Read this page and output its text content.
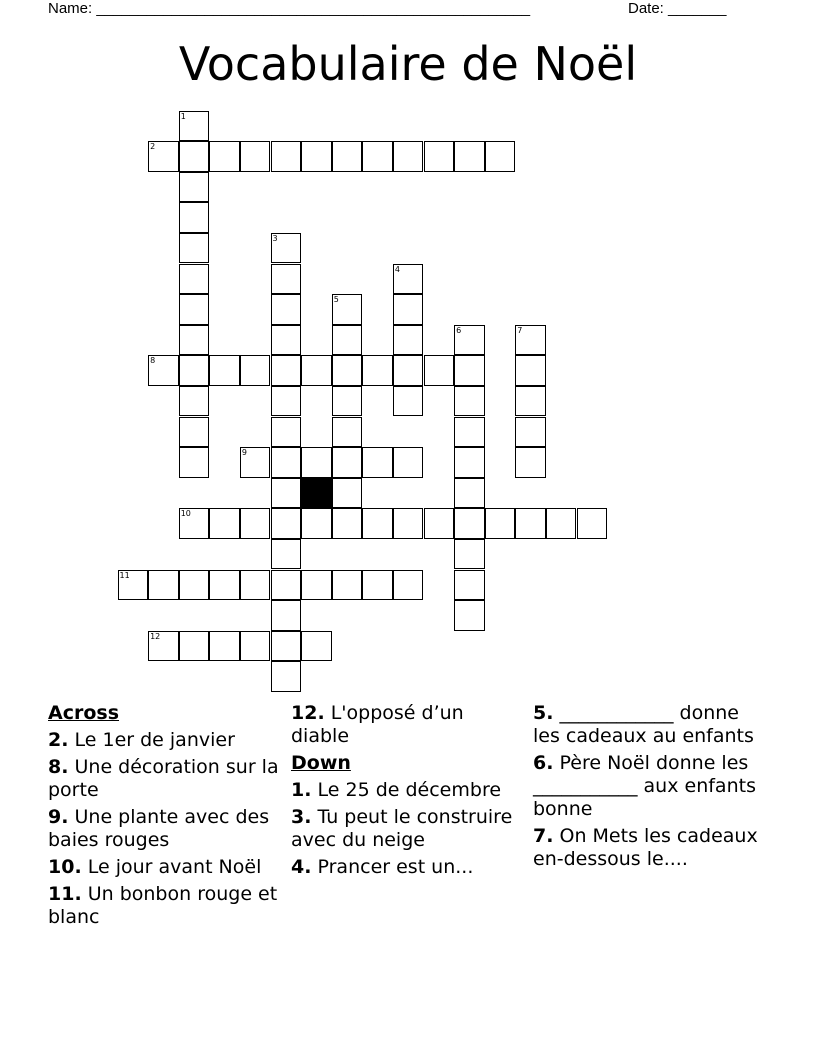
Name: ____________________________________________________	Date: _______
Vocabulaire de Noël
1
2
3
4
5
6	7
8
9
10
11
12
Across
2. Le 1er de janvier
8. Une décoration sur la porte
9. Une plante avec des baies rouges
10. Le jour avant Noël
11. Un bonbon rouge et blanc
12. L'opposé d’un diable
Down
1. Le 25 de décembre
3. Tu peut le construire avec du neige
4. Prancer est un...
5. ____________ donne les cadeaux au enfants
6. Père Noël donne les ___________ aux enfants bonne
7. On Mets les cadeaux en-dessous le....
